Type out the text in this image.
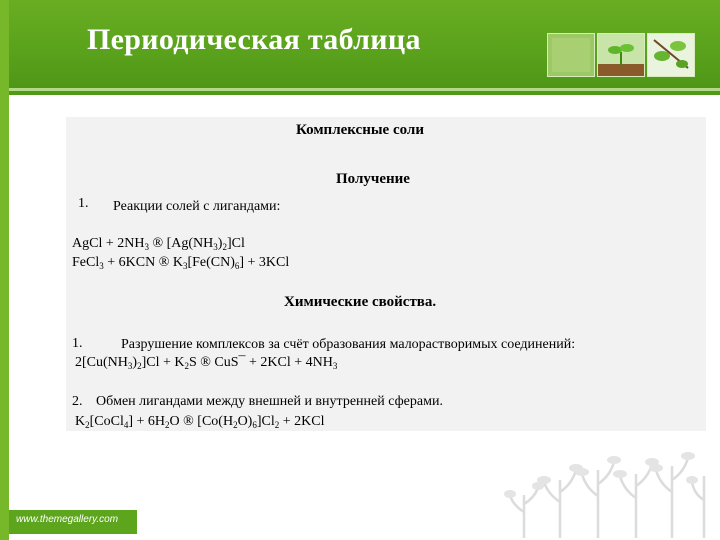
Периодическая таблица
Комплексные соли
Получение
1. Реакции солей с лигандами:
AgCl + $2NH_3$ ® $[Ag(NH_3)_2]Cl$
FeCl$_3$ + 6KCN ® $K_3[Fe(CN)_6] + 3KCl$
Химические свойства.
1.	Разрушение комплексов за счёт образования малорастворимых соединений:
$2[Cu(NH_3)_2]Cl + K_2S$ ® CuS¯ + $2KCl + 4NH_3$
2. Обмен лигандами между внешней и внутренней сферами.
$K_2[CoCl_4] + 6H_2O$ ® $[Co(H_2O)_6]Cl_2 + 2KCl$
www.themegallery.com
